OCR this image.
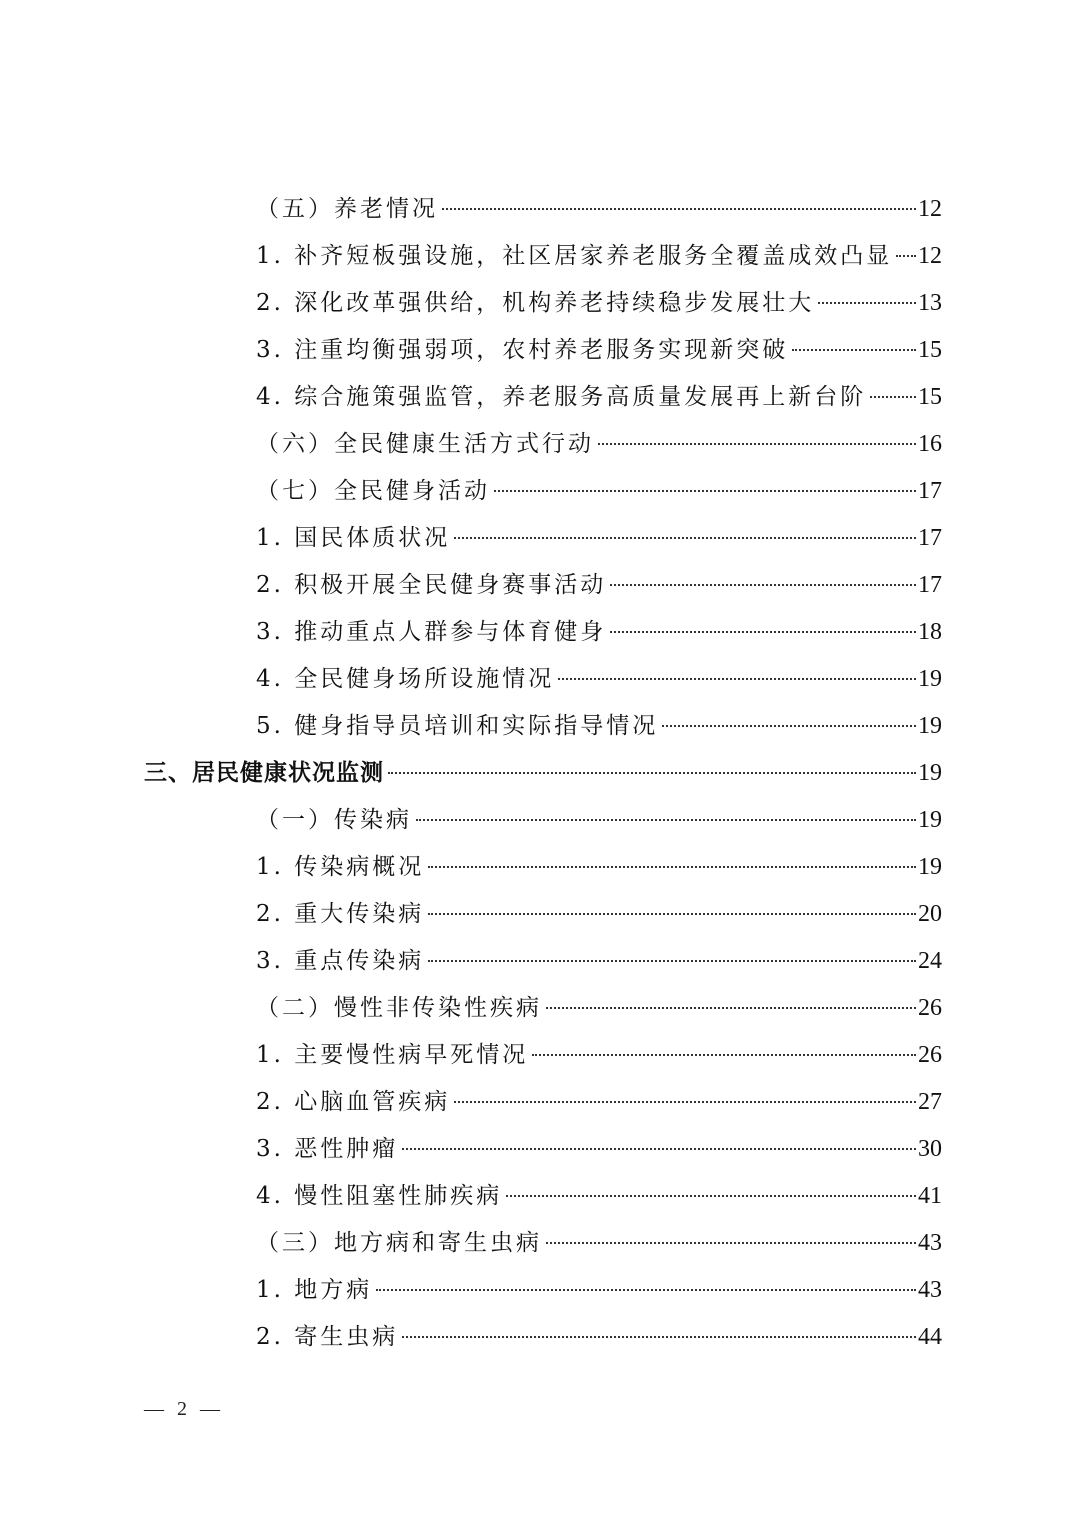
（五）养老情况	12
1. 补齐短板强设施，社区居家养老服务全覆盖成效凸显 12
2. 深化改革强供给，机构养老持续稳步发展壮大	13
3. 注重均衡强弱项，农村养老服务实现新突破	15
4. 综合施策强监管，养老服务高质量发展再上新台阶 15
（六）全民健康生活方式行动	16
（七）全民健身活动	17
1. 国民体质状况	17
2. 积极开展全民健身赛事活动	17
3. 推动重点人群参与体育健身	18
4. 全民健身场所设施情况	19
5. 健身指导员培训和实际指导情况	19
三、居民健康状况监测	19
（一）传染病	19
1. 传染病概况	19
2. 重大传染病	20
3. 重点传染病	24
（二）慢性非传染性疾病	26
1. 主要慢性病早死情况	26
2. 心脑血管疾病	27
3. 恶性肿瘤	30
4. 慢性阻塞性肺疾病	41
（三）地方病和寄生虫病	43
1. 地方病	43
2. 寄生虫病	44
— 2 —
